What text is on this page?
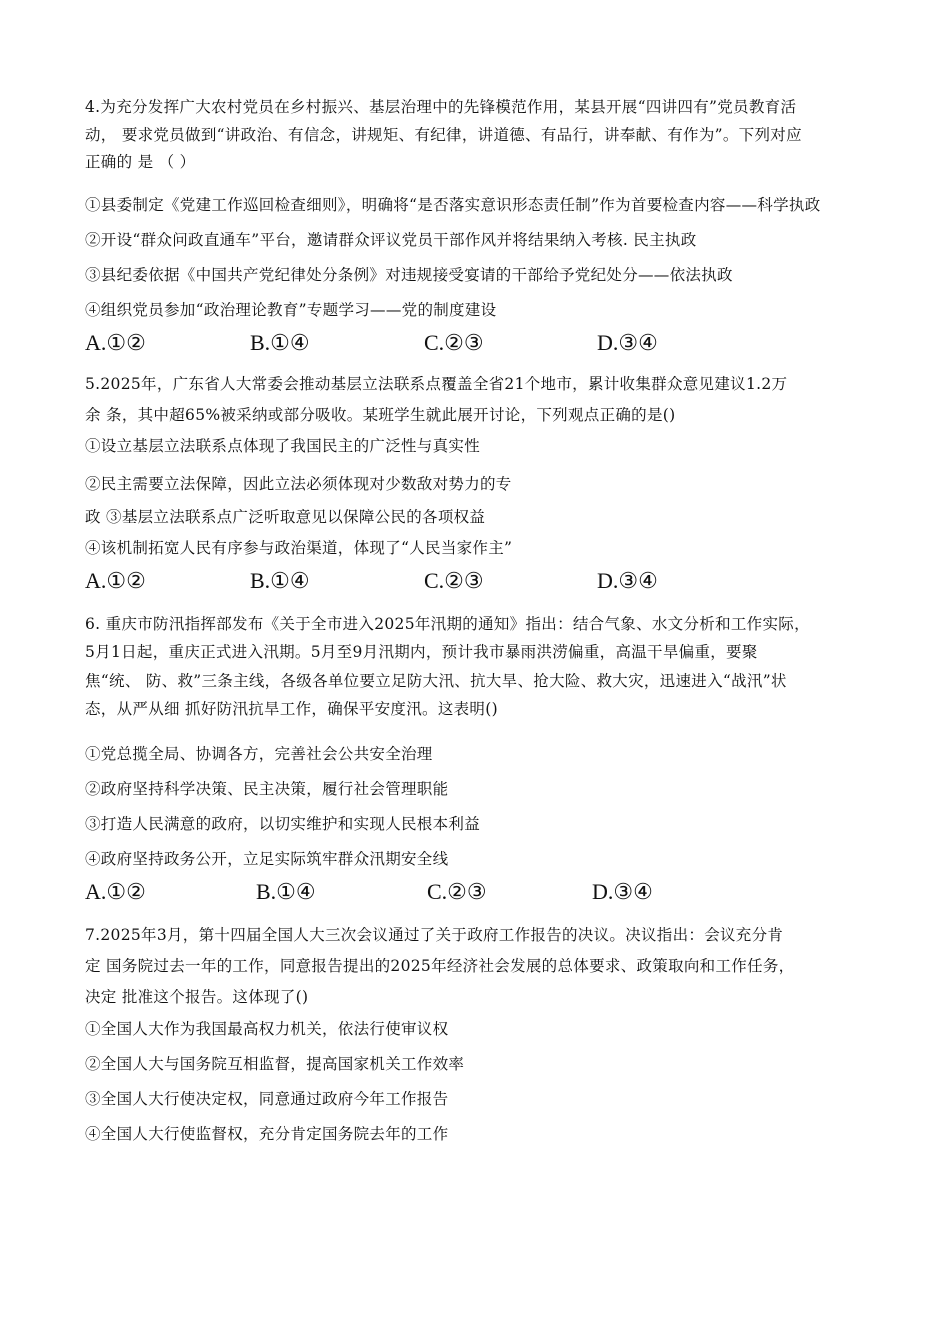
4.为充分发挥广大农村党员在乡村振兴、基层治理中的先锋模范作用，某县开展“四讲四有”党员教育活
动， 要求党员做到“讲政治、有信念，讲规矩、有纪律，讲道德、有品行，讲奉献、有作为”。下列对应
正确的 是 （ ）
①县委制定《党建工作巡回检查细则》，明确将“是否落实意识形态责任制”作为首要检查内容——科学执政
②开设“群众问政直通车”平台，邀请群众评议党员干部作风并将结果纳入考核. 民主执政
③县纪委依据《中国共产党纪律处分条例》对违规接受宴请的干部给予党纪处分——依法执政
④组织党员参加“政治理论教育”专题学习——党的制度建设
A.①②	B.①④	C.②③	D.③④
5.2025年，广东省人大常委会推动基层立法联系点覆盖全省21个地市，累计收集群众意见建议1.2万
余 条，其中超65%被采纳或部分吸收。某班学生就此展开讨论，下列观点正确的是()
①设立基层立法联系点体现了我国民主的广泛性与真实性
②民主需要立法保障，因此立法必须体现对少数敌对势力的专
政 ③基层立法联系点广泛听取意见以保障公民的各项权益
④该机制拓宽人民有序参与政治渠道，体现了“人民当家作主”
A.①②	B.①④	C.②③	D.③④
6. 重庆市防汛指挥部发布《关于全市进入2025年汛期的通知》指出：结合气象、水文分析和工作实际，
5月1日起，重庆正式进入汛期。5月至9月汛期内，预计我市暴雨洪涝偏重，高温干旱偏重，要聚
焦“统、 防、救”三条主线，各级各单位要立足防大汛、抗大旱、抢大险、救大灾，迅速进入“战汛”状
态，从严从细 抓好防汛抗旱工作，确保平安度汛。这表明()
①党总揽全局、协调各方，完善社会公共安全治理
②政府坚持科学决策、民主决策，履行社会管理职能
③打造人民满意的政府，以切实维护和实现人民根本利益
④政府坚持政务公开，立足实际筑牢群众汛期安全线
A.①②	B.①④	C.②③	D.③④
7.2025年3月，第十四届全国人大三次会议通过了关于政府工作报告的决议。决议指出：会议充分肯
定 国务院过去一年的工作，同意报告提出的2025年经济社会发展的总体要求、政策取向和工作任务，
决定 批准这个报告。这体现了()
①全国人大作为我国最高权力机关，依法行使审议权
②全国人大与国务院互相监督，提高国家机关工作效率
③全国人大行使决定权，同意通过政府今年工作报告
④全国人大行使监督权，充分肯定国务院去年的工作
